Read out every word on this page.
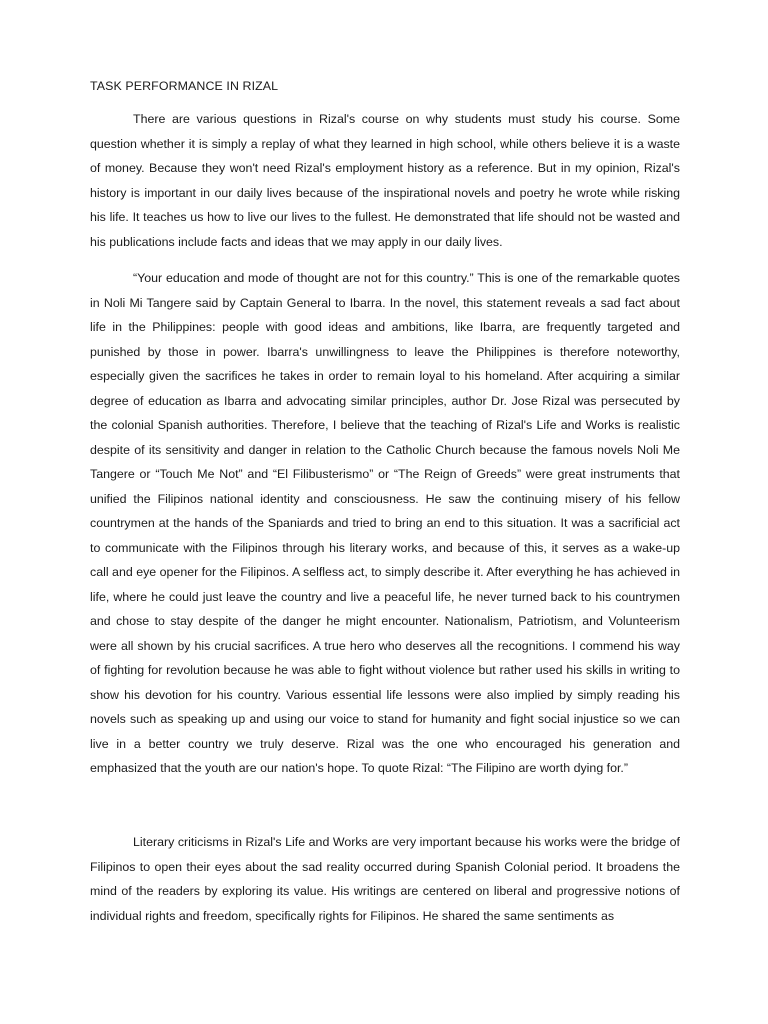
TASK PERFORMANCE IN RIZAL

There are various questions in Rizal's course on why students must study his course. Some question whether it is simply a replay of what they learned in high school, while others believe it is a waste of money. Because they won't need Rizal's employment history as a reference. But in my opinion, Rizal's history is important in our daily lives because of the inspirational novels and poetry he wrote while risking his life. It teaches us how to live our lives to the fullest. He demonstrated that life should not be wasted and his publications include facts and ideas that we may apply in our daily lives.

“Your education and mode of thought are not for this country.” This is one of the remarkable quotes in Noli Mi Tangere said by Captain General to Ibarra. In the novel, this statement reveals a sad fact about life in the Philippines: people with good ideas and ambitions, like Ibarra, are frequently targeted and punished by those in power. Ibarra's unwillingness to leave the Philippines is therefore noteworthy, especially given the sacrifices he takes in order to remain loyal to his homeland. After acquiring a similar degree of education as Ibarra and advocating similar principles, author Dr. Jose Rizal was persecuted by the colonial Spanish authorities. Therefore, I believe that the teaching of Rizal's Life and Works is realistic despite of its sensitivity and danger in relation to the Catholic Church because the famous novels Noli Me Tangere or “Touch Me Not” and “El Filibusterismo” or “The Reign of Greeds” were great instruments that unified the Filipinos national identity and consciousness. He saw the continuing misery of his fellow countrymen at the hands of the Spaniards and tried to bring an end to this situation. It was a sacrificial act to communicate with the Filipinos through his literary works, and because of this, it serves as a wake-up call and eye opener for the Filipinos. A selfless act, to simply describe it. After everything he has achieved in life, where he could just leave the country and live a peaceful life, he never turned back to his countrymen and chose to stay despite of the danger he might encounter. Nationalism, Patriotism, and Volunteerism were all shown by his crucial sacrifices. A true hero who deserves all the recognitions. I commend his way of fighting for revolution because he was able to fight without violence but rather used his skills in writing to show his devotion for his country. Various essential life lessons were also implied by simply reading his novels such as speaking up and using our voice to stand for humanity and fight social injustice so we can live in a better country we truly deserve. Rizal was the one who encouraged his generation and emphasized that the youth are our nation's hope. To quote Rizal: “The Filipino are worth dying for.”

Literary criticisms in Rizal's Life and Works are very important because his works were the bridge of Filipinos to open their eyes about the sad reality occurred during Spanish Colonial period. It broadens the mind of the readers by exploring its value. His writings are centered on liberal and progressive notions of individual rights and freedom, specifically rights for Filipinos. He shared the same sentiments as
